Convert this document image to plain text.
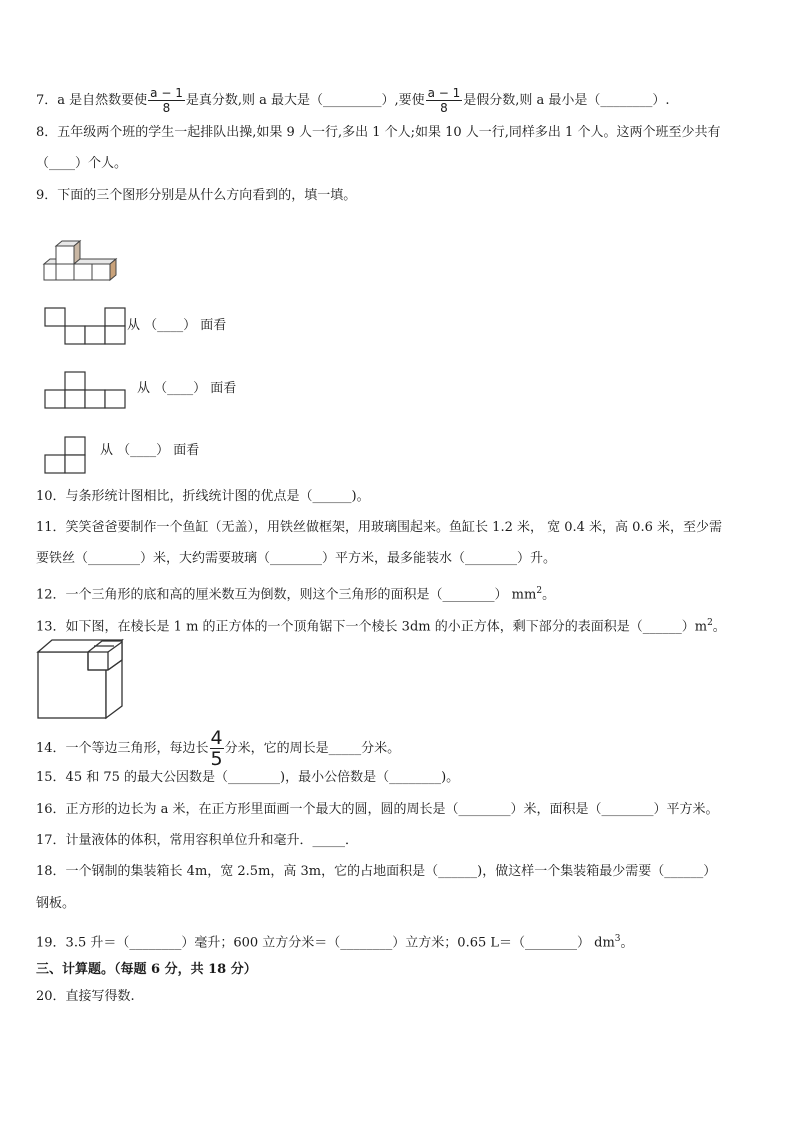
7．a 是自然数要使 $\frac{a - 1}{8}$ 是真分数,则 a 最大是（_________）,要使 $\frac{a - 1}{8}$ 是假分数,则 a 最小是（________）.
8．五年级两个班的学生一起排队出操,如果 9 人一行,多出 1 个人;如果 10 人一行,同样多出 1 个人。这两个班至少共有
（____）个人。
9．下面的三个图形分别是从什么方向看到的，填一填。
从 （____） 面看
从 （____） 面看
从 （____） 面看
10．与条形统计图相比，折线统计图的优点是（______)。
11．笑笑爸爸要制作一个鱼缸（无盖），用铁丝做框架，用玻璃围起来。鱼缸长 1.2 米， 宽 0.4 米，高 0.6 米，至少需
要铁丝（________）米，大约需要玻璃（________）平方米，最多能装水（________）升。
12．一个三角形的底和高的厘米数互为倒数，则这个三角形的面积是（________） $mm^2$。
13．如下图，在棱长是 1 m 的正方体的一个顶角锯下一个棱长 3dm 的小正方体，剩下部分的表面积是$(\_\_\_\_\_\_)m^2$。
14．一个等边三角形，每边长 $\frac{4}{5}$ 分米，它的周长是_____分米。
15．45 和 75 的最大公因数是（________)，最小公倍数是（________)。
16．正方形的边长为 a 米，在正方形里面画一个最大的圆，圆的周长是（________）米，面积是（________）平方米。
17．计量液体的体积，常用容积单位升和毫升．_____．
18．一个钢制的集装箱长 4m，宽 2.5m，高 3m，它的占地面积是（______)，做这样一个集装箱最少需要（______）
钢板。
19．3.5 升＝（________）毫升；600 立方分米＝（________）立方米；0.65 L＝（________） $dm^3$。
三、计算题。（每题 6 分，共 18 分）
20．直接写得数.
